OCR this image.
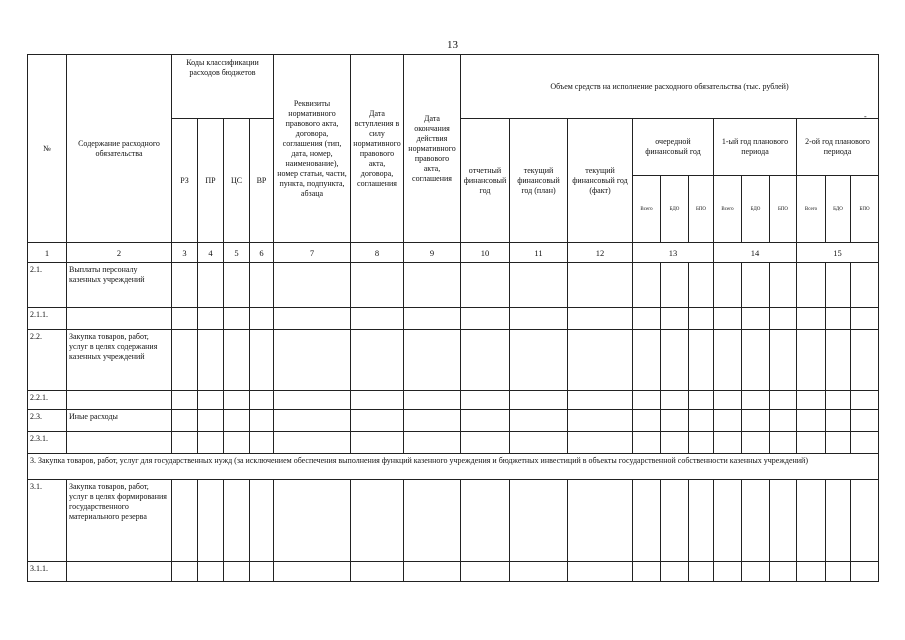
13
№	Содержание расходного обязательства	Коды классификации расходов бюджетов				Реквизиты нормативного правового акта, договора, соглашения (тип, дата, номер, наименование), номер статьи, части, пункта, подпункта, абзаца	Дата вступления в силу нормативного правового акта, договора, соглашения	Дата окончания действия нормативного правового акта, соглашения	Объем средств на исполнение расходного обязательства (тыс. рублей)											
		РЗ	ПР	ЦС	ВР				отчетный финансовый год	текущий финансовый год (план)	текущий финансовый год (факт)	очередной финансовый год			1-ый год планового периода			2-ой год планового периода		
												Всего	БДО	БПО	Всего	БДО	БПО	Всего	БДО	БПО
1	2	3	4	5	6	7	8	9	10	11	12	13			14			15		
2.1.	Выплаты персоналу казенных учреждений																			
2.1.1.																				
2.2.	Закупка товаров, работ, услуг в целях содержания казенных учреждений																			
2.2.1.																				
2.3.	Иные расходы																			
2.3.1.																				
3. Закупка товаров, работ, услуг для государственных нужд (за исключением обеспечения выполнения функций казенного учреждения и бюджетных инвестиций в объекты государственной собственности казенных учреждений)																				
3.1.	Закупка товаров, работ, услуг в целях формирования государственного материального резерва																			
3.1.1.																				
-
